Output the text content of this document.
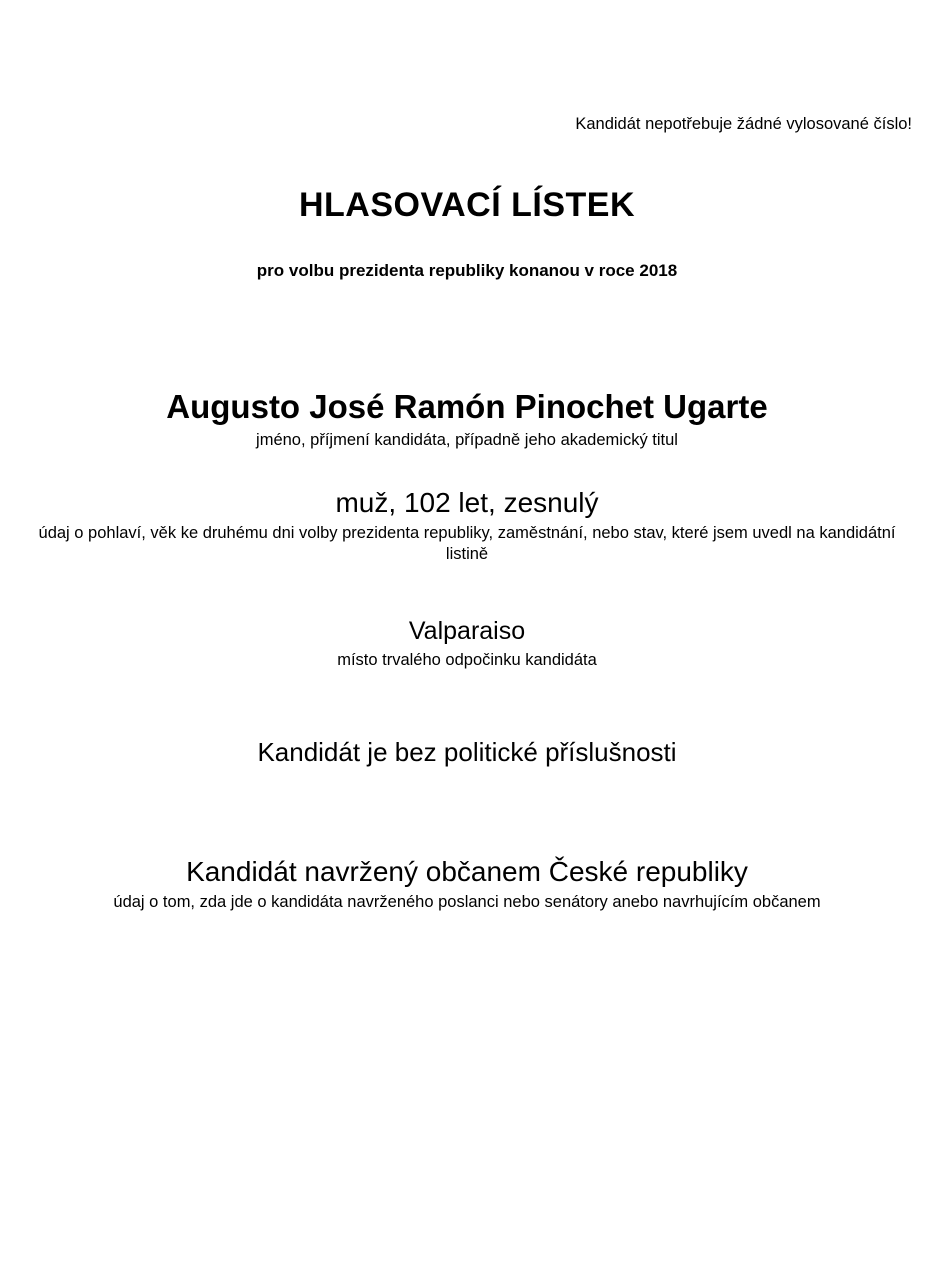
Kandidát nepotřebuje žádné vylosované číslo!
HLASOVACÍ LÍSTEK
pro volbu prezidenta republiky konanou v roce 2018
Augusto José Ramón Pinochet Ugarte
jméno, příjmení kandidáta, případně jeho akademický titul
muž, 102 let, zesnulý
údaj o pohlaví, věk ke druhému dni volby prezidenta republiky, zaměstnání, nebo stav, které jsem uvedl na kandidátní listině
Valparaiso
místo trvalého odpočinku kandidáta
Kandidát je bez politické příslušnosti
Kandidát navržený občanem České republiky
údaj o tom, zda jde o kandidáta navrženého poslanci nebo senátory anebo navrhujícím občanem
